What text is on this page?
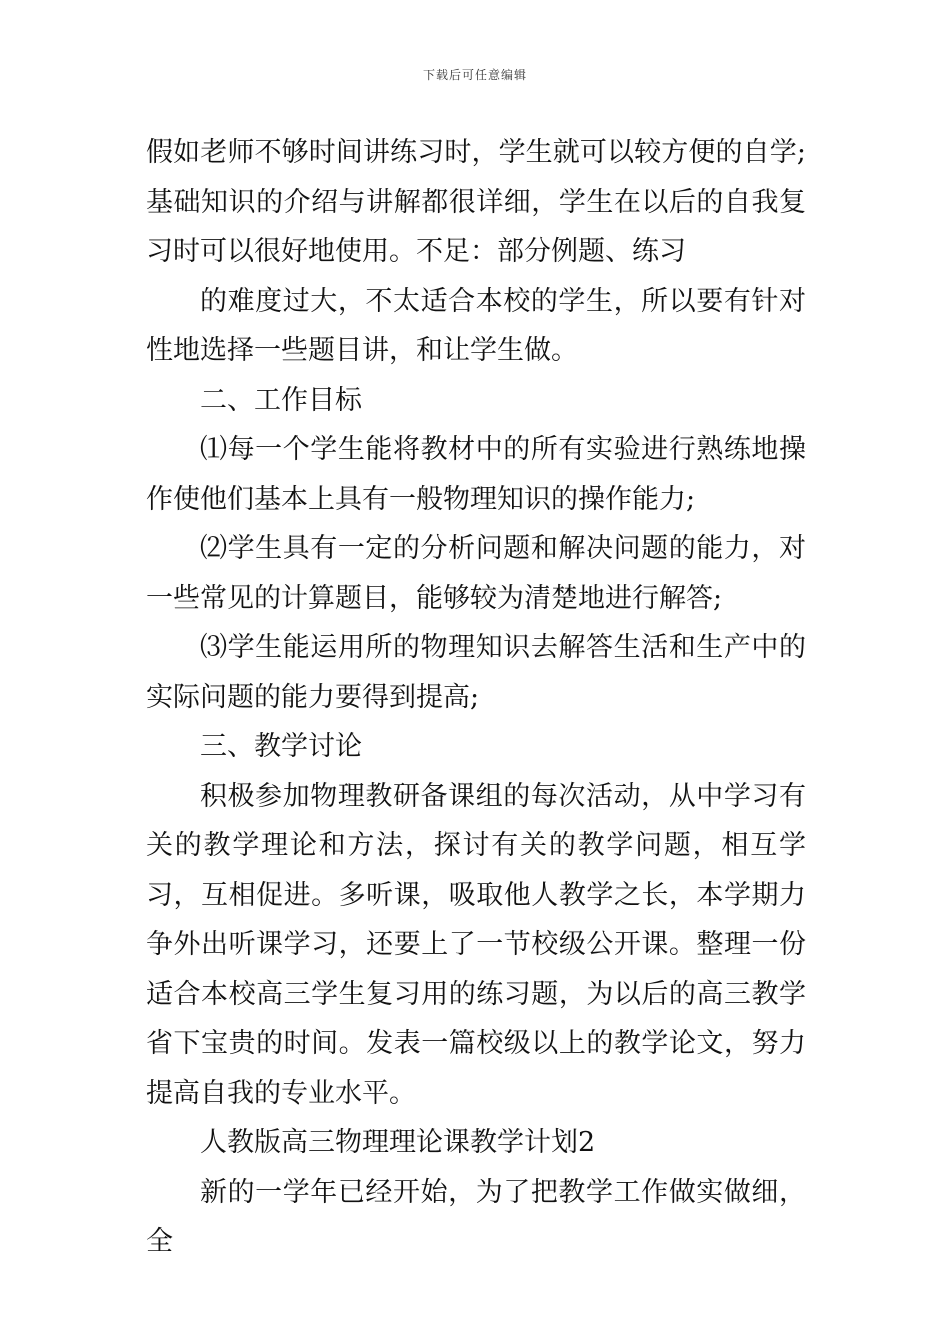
下载后可任意编辑

假如老师不够时间讲练习时，学生就可以较方便的自学;基础知识的介绍与讲解都很详细，学生在以后的自我复习时可以很好地使用。不足：部分例题、练习

的难度过大，不太适合本校的学生，所以要有针对性地选择一些题目讲，和让学生做。

二、工作目标

⑴每一个学生能将教材中的所有实验进行熟练地操作使他们基本上具有一般物理知识的操作能力;

⑵学生具有一定的分析问题和解决问题的能力，对一些常见的计算题目，能够较为清楚地进行解答;

⑶学生能运用所的物理知识去解答生活和生产中的实际问题的能力要得到提高;

三、教学讨论

积极参加物理教研备课组的每次活动，从中学习有关的教学理论和方法，探讨有关的教学问题，相互学习，互相促进。多听课，吸取他人教学之长，本学期力争外出听课学习，还要上了一节校级公开课。整理一份适合本校高三学生复习用的练习题，为以后的高三教学省下宝贵的时间。发表一篇校级以上的教学论文，努力提高自我的专业水平。

人教版高三物理理论课教学计划2

新的一学年已经开始，为了把教学工作做实做细，全
